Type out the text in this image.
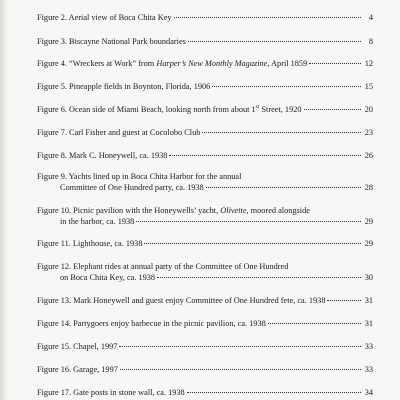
Figure 2. Aerial view of Boca Chita Key	4
Figure 3. Biscayne National Park boundaries	8
Figure 4. “Wreckers at Work” from Harper’s New Monthly Magazine, April 1859	12
Figure 5. Pineapple fields in Boynton, Florida, 1906	15
Figure 6. Ocean side of Miami Beach, looking north from about 1st Street, 1920	20
Figure 7. Carl Fisher and guest at Cocolobo Club	23
Figure 8. Mark C. Honeywell, ca. 1938	26
Figure 9. Yachts lined up in Boca Chita Harbor for the annual
Committee of One Hundred party, ca. 1938	28
Figure 10. Picnic pavilion with the Honeywells’ yacht, Olivette, moored alongside
in the harbor, ca. 1938	29
Figure 11. Lighthouse, ca. 1938	29
Figure 12. Elephant rides at annual party of the Committee of One Hundred
on Boca Chita Key, ca. 1938	30
Figure 13. Mark Honeywell and guest enjoy Committee of One Hundred fete, ca. 1938	31
Figure 14. Partygoers enjoy barbecue in the picnic pavilion, ca. 1938	31
Figure 15. Chapel, 1997	33
Figure 16. Garage, 1997	33
Figure 17. Gate posts in stone wall, ca. 1938	34
